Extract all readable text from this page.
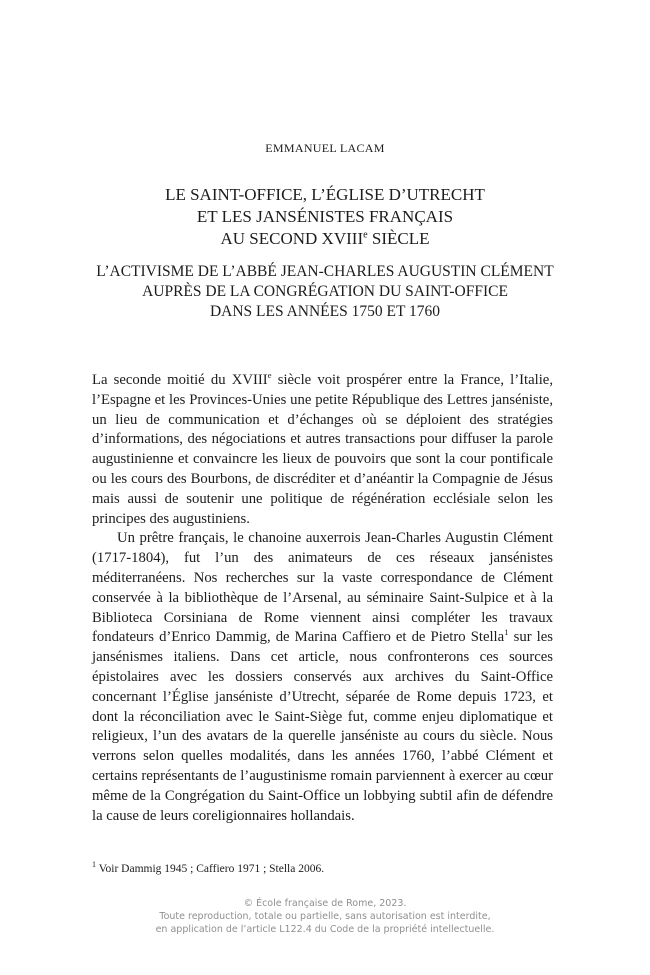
EMMANUEL LACAM
LE SAINT-OFFICE, L’ÉGLISE D’UTRECHT
ET LES JANSÉNISTES FRANÇAIS
AU SECOND XVIIIe SIÈCLE
L’ACTIVISME DE L’ABBÉ JEAN-CHARLES AUGUSTIN CLÉMENT
AUPRÈS DE LA CONGRÉGATION DU SAINT-OFFICE
DANS LES ANNÉES 1750 ET 1760

La seconde moitié du XVIIIe siècle voit prospérer entre la France, l’Italie, l’Espagne et les Provinces-Unies une petite République des Lettres janséniste, un lieu de communication et d’échanges où se déploient des stratégies d’informations, des négociations et autres transactions pour diffuser la parole augustinienne et convaincre les lieux de pouvoirs que sont la cour pontificale ou les cours des Bourbons, de discréditer et d’anéantir la Compagnie de Jésus mais aussi de soutenir une politique de régénération ecclésiale selon les principes des augustiniens.

Un prêtre français, le chanoine auxerrois Jean-Charles Augustin Clément (1717-1804), fut l’un des animateurs de ces réseaux jansénistes méditerranéens. Nos recherches sur la vaste correspondance de Clément conservée à la bibliothèque de l’Arsenal, au séminaire Saint-Sulpice et à la Biblioteca Corsiniana de Rome viennent ainsi compléter les travaux fondateurs d’Enrico Dammig, de Marina Caffiero et de Pietro Stella$^1$ sur les jansénismes italiens. Dans cet article, nous confronterons ces sources épistolaires avec les dossiers conservés aux archives du Saint-Office concernant l’Église janséniste d’Utrecht, séparée de Rome depuis 1723, et dont la réconciliation avec le Saint-Siège fut, comme enjeu diplomatique et religieux, l’un des avatars de la querelle janséniste au cours du siècle. Nous verrons selon quelles modalités, dans les années 1760, l’abbé Clément et certains représentants de l’augustinisme romain parviennent à exercer au cœur même de la Congrégation du Saint-Office un lobbying subtil afin de défendre la cause de leurs coreligionnaires hollandais.

$^1$ Voir Dammig 1945 ; Caffiero 1971 ; Stella 2006.
© École française de Rome, 2023.
Toute reproduction, totale ou partielle, sans autorisation est interdite,
en application de l’article L122.4 du Code de la propriété intellectuelle.
